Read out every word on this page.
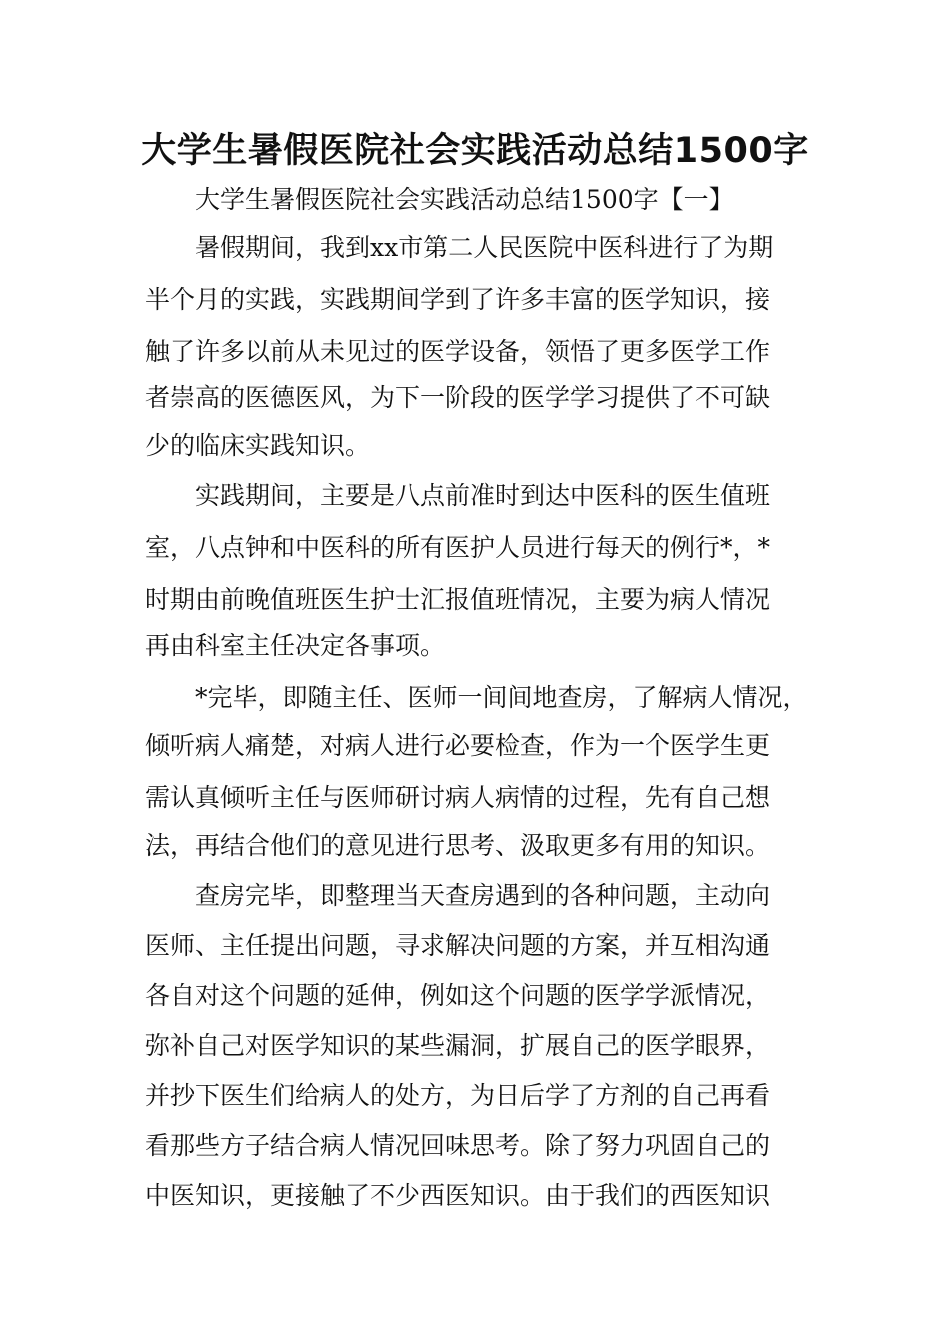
大学生暑假医院社会实践活动总结1500字

大学生暑假医院社会实践活动总结1500字【一】

暑假期间，我到xx市第二人民医院中医科进行了为期

半个月的实践，实践期间学到了许多丰富的医学知识，接

触了许多以前从未见过的医学设备，领悟了更多医学工作

者崇高的医德医风，为下一阶段的医学学习提供了不可缺

少的临床实践知识。

实践期间，主要是八点前准时到达中医科的医生值班

室，八点钟和中医科的所有医护人员进行每天的例行*，*

时期由前晚值班医生护士汇报值班情况，主要为病人情况

再由科室主任决定各事项。

*完毕，即随主任、医师一间间地查房，了解病人情况，

倾听病人痛楚，对病人进行必要检查，作为一个医学生更

需认真倾听主任与医师研讨病人病情的过程，先有自己想

法，再结合他们的意见进行思考、汲取更多有用的知识。

查房完毕，即整理当天查房遇到的各种问题，主动向

医师、主任提出问题，寻求解决问题的方案，并互相沟通

各自对这个问题的延伸，例如这个问题的医学学派情况，

弥补自己对医学知识的某些漏洞，扩展自己的医学眼界，

并抄下医生们给病人的处方，为日后学了方剂的自己再看

看那些方子结合病人情况回味思考。除了努力巩固自己的

中医知识，更接触了不少西医知识。由于我们的西医知识
